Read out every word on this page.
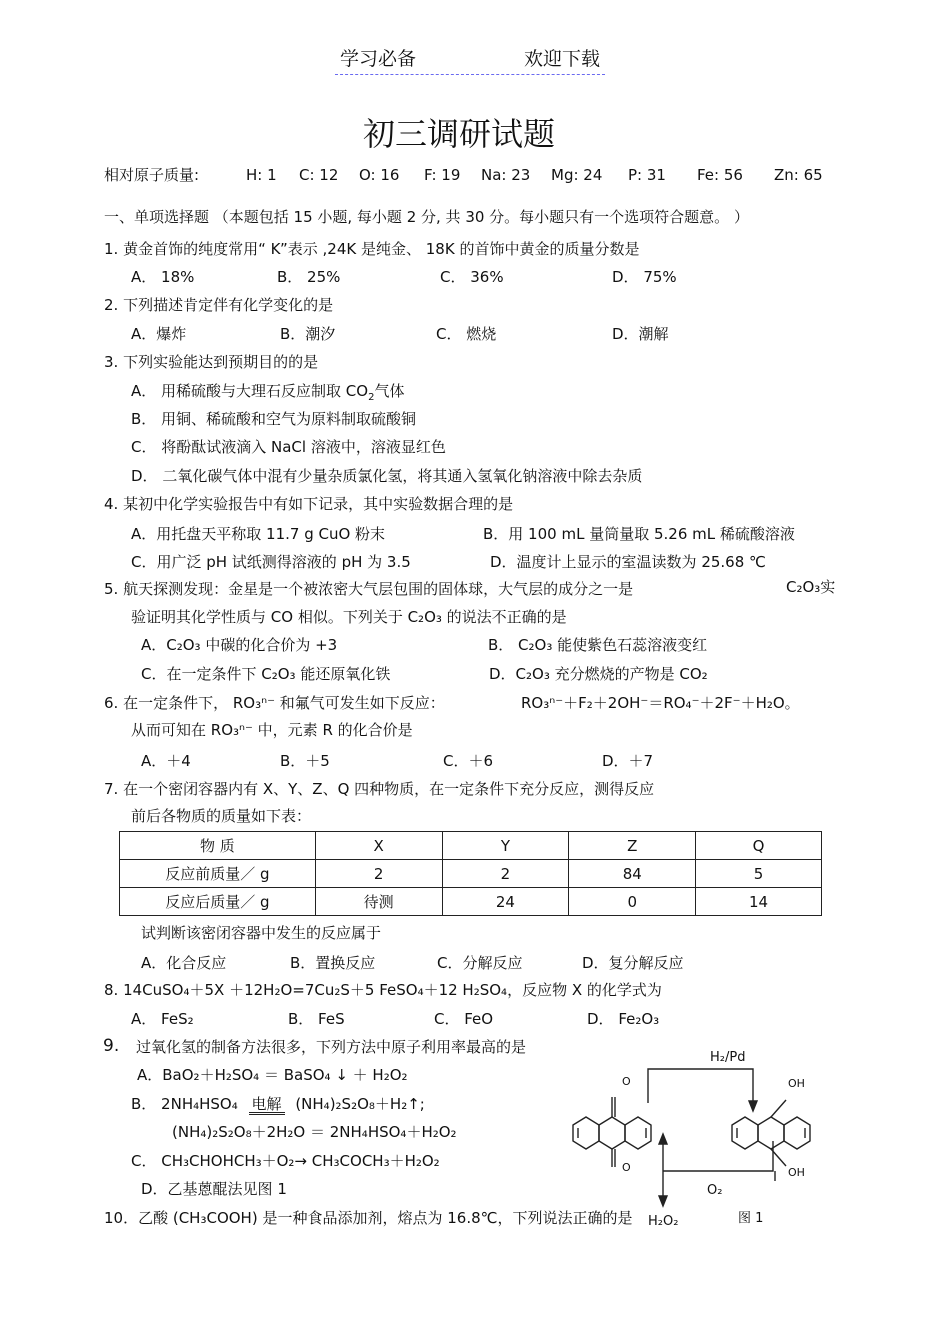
学习必备	欢迎下载
初三调研试题
相对原子质量:	H: 1 C: 12 O: 16 F: 19 Na: 23 Mg: 24 P: 31 Fe: 56 Zn: 65
一、单项选择题 （本题包括 15 小题, 每小题 2 分, 共 30 分。每小题只有一个选项符合题意。 ）
1. 黄金首饰的纯度常用“ K”表示 ,24K 是纯金、 18K 的首饰中黄金的质量分数是
A． 18%	B． 25%	C． 36%	D． 75%
2. 下列描述肯定伴有化学变化的是
A．爆炸	B．潮汐	C． 燃烧	D．潮解
3. 下列实验能达到预期目的的是
A． 用稀硫酸与大理石反应制取 $CO_2$气体
B． 用铜、稀硫酸和空气为原料制取硫酸铜
C． 将酚酞试液滴入 NaCl 溶液中，溶液显红色
D． 二氧化碳气体中混有少量杂质氯化氢，将其通入氢氧化钠溶液中除去杂质
4. 某初中化学实验报告中有如下记录，其中实验数据合理的是
A．用托盘天平称取 11.7 g CuO 粉末	B．用 100 mL 量筒量取 5.26 mL 稀硫酸溶液
C．用广泛 pH 试纸测得溶液的 pH 为 3.5	D．温度计上显示的室温读数为 25.68 ℃
5. 航天探测发现：金星是一个被浓密大气层包围的固体球，大气层的成分之一是	C₂O₃实
验证明其化学性质与 CO 相似。下列关于 C₂O₃ 的说法不正确的是
A．C₂O₃ 中碳的化合价为 +3	B． C₂O₃ 能使紫色石蕊溶液变红
C．在一定条件下 C₂O₃ 能还原氧化铁	D．C₂O₃ 充分燃烧的产物是 CO₂
6. 在一定条件下， RO₃ⁿ⁻ 和氟气可发生如下反应：	RO₃ⁿ⁻＋F₂＋2OH⁻＝RO₄⁻＋2F⁻＋H₂O。
从而可知在 RO₃ⁿ⁻ 中，元素 R 的化合价是
A．＋4	B．＋5	C．＋6	D．＋7
7. 在一个密闭容器内有 X、Y、Z、Q 四种物质，在一定条件下充分反应，测得反应
前后各物质的质量如下表：
物 质	X	Y	Z	Q
反应前质量／ g	2	2	84	5
反应后质量／ g	待测	24	0	14
试判断该密闭容器中发生的反应属于
A．化合反应	B．置换反应	C．分解反应	D．复分解反应
8. 14CuSO₄＋5X ＋12H₂O=7Cu₂S＋5 FeSO₄＋12 H₂SO₄，反应物 X 的化学式为
A． FeS₂	B． FeS	C． FeO	D． Fe₂O₃
9. 过氧化氢的制备方法很多，下列方法中原子利用率最高的是
A．BaO₂＋H₂SO₄ ＝ BaSO₄ ↓ ＋ H₂O₂
B． 2NH₄HSO₄ 电解 (NH₄)₂S₂O₈＋H₂↑;
(NH₄)₂S₂O₈＋2H₂O ＝ 2NH₄HSO₄＋H₂O₂
C． CH₃CHOHCH₃＋O₂→ CH₃COCH₃＋H₂O₂
D．乙基蒽醌法见图 1
H₂/Pd
O₂
O
O
OH
OH
H₂O₂
10．乙酸 (CH₃COOH) 是一种食品添加剂，熔点为 16.8℃，下列说法正确的是	图 1
